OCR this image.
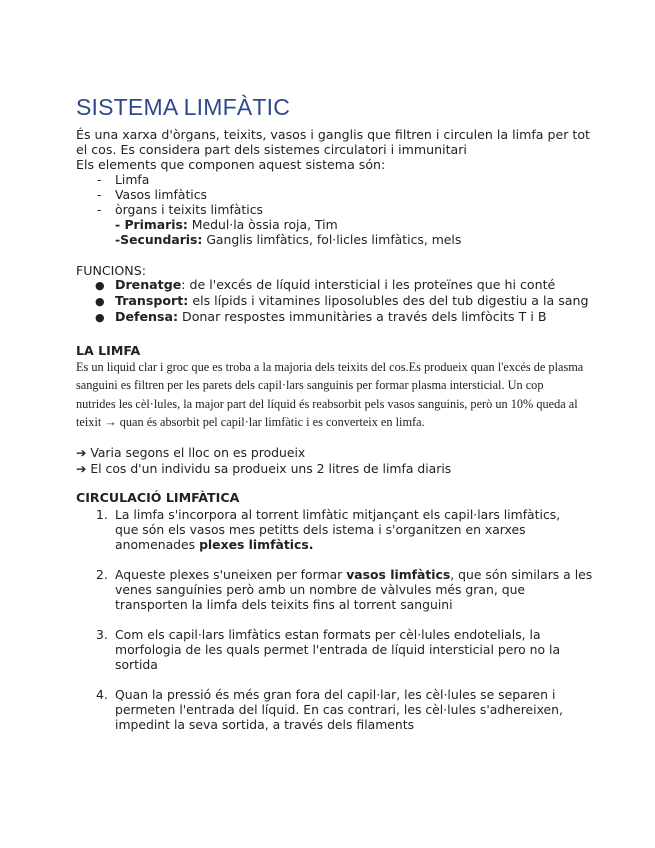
SISTEMA LIMFÀTIC
És una xarxa d'òrgans, teixits, vasos i ganglis que filtren i circulen la limfa per tot
el cos. Es considera part dels sistemes circulatori i immunitari
Els elements que componen aquest sistema són:
- Limfa
- Vasos limfàtics
- òrgans i teixits limfàtics
- Primaris: Medul·la òssia roja, Tim
-Secundaris: Ganglis limfàtics, fol·licles limfàtics, mels
FUNCIONS:
● Drenatge: de l'excés de líquid intersticial i les proteïnes que hi conté
● Transport: els lípids i vitamines liposolubles des del tub digestiu a la sang
● Defensa: Donar respostes immunitàries a través dels limfòcits T i B
LA LIMFA
Es un liquid clar i groc que es troba a la majoria dels teixits del cos.Es produeix quan l'excés de plasma
sanguini es filtren per les parets dels capil·lars sanguinis per formar plasma intersticial. Un cop
nutrides les cèl·lules, la major part del líquid és reabsorbit pels vasos sanguinis, però un 10% queda al
teixit → quan és absorbit pel capil·lar limfàtic i es converteix en limfa.
➔ Varia segons el lloc on es produeix
➔ El cos d'un individu sa produeix uns 2 litres de limfa diaris
CIRCULACIÓ LIMFÀTICA
1. La limfa s'incorpora al torrent limfàtic mitjançant els capil·lars limfàtics,
que són els vasos mes petitts dels istema i s'organitzen en xarxes
anomenades plexes limfàtics.
2. Aqueste plexes s'uneixen per formar vasos limfàtics, que són similars a les
venes sanguínies però amb un nombre de vàlvules més gran, que
transporten la limfa dels teixits fins al torrent sanguini
3. Com els capil·lars limfàtics estan formats per cèl·lules endotelials, la
morfologia de les quals permet l'entrada de líquid intersticial pero no la
sortida
4. Quan la pressió és més gran fora del capil·lar, les cèl·lules se separen i
permeten l'entrada del líquid. En cas contrari, les cèl·lules s'adhereixen,
impedint la seva sortida, a través dels filaments
